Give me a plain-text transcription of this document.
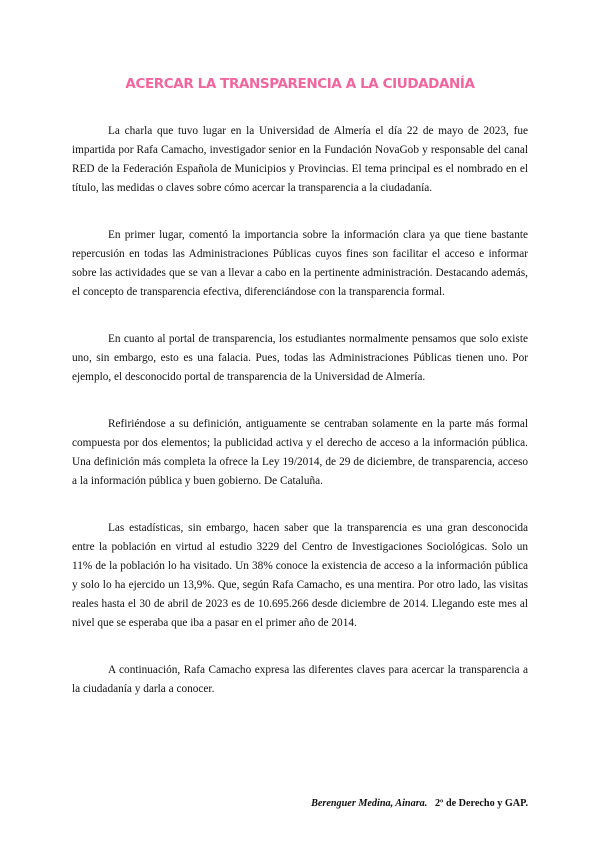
ACERCAR LA TRANSPARENCIA A LA CIUDADANÍA

La charla que tuvo lugar en la Universidad de Almería el día 22 de mayo de 2023, fue impartida por Rafa Camacho, investigador senior en la Fundación NovaGob y responsable del canal RED de la Federación Española de Municipios y Provincias. El tema principal es el nombrado en el título, las medidas o claves sobre cómo acercar la transparencia a la ciudadanía.

En primer lugar, comentó la importancia sobre la información clara ya que tiene bastante repercusión en todas las Administraciones Públicas cuyos fines son facilitar el acceso e informar sobre las actividades que se van a llevar a cabo en la pertinente administración. Destacando además, el concepto de transparencia efectiva, diferenciándose con la transparencia formal.

En cuanto al portal de transparencia, los estudiantes normalmente pensamos que solo existe uno, sin embargo, esto es una falacia. Pues, todas las Administraciones Públicas tienen uno. Por ejemplo, el desconocido portal de transparencia de la Universidad de Almería.

Refiriéndose a su definición, antiguamente se centraban solamente en la parte más formal compuesta por dos elementos; la publicidad activa y el derecho de acceso a la información pública. Una definición más completa la ofrece la Ley 19/2014, de 29 de diciembre, de transparencia, acceso a la información pública y buen gobierno. De Cataluña.

Las estadísticas, sin embargo, hacen saber que la transparencia es una gran desconocida entre la población en virtud al estudio 3229 del Centro de Investigaciones Sociológicas. Solo un 11% de la población lo ha visitado. Un 38% conoce la existencia de acceso a la información pública y solo lo ha ejercido un 13,9%. Que, según Rafa Camacho, es una mentira. Por otro lado, las visitas reales hasta el 30 de abril de 2023 es de 10.695.266 desde diciembre de 2014. Llegando este mes al nivel que se esperaba que iba a pasar en el primer año de 2014.

A continuación, Rafa Camacho expresa las diferentes claves para acercar la transparencia a la ciudadanía y darla a conocer.

Berenguer Medina, Ainara. 2º de Derecho y GAP.
